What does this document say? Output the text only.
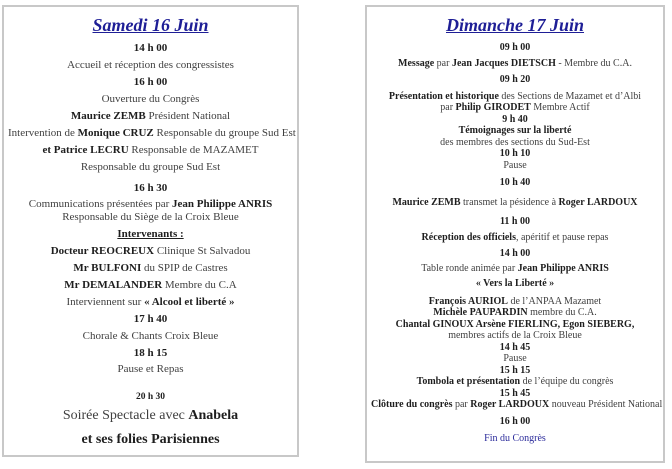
Samedi 16 Juin
14 h 00
Accueil et réception des congressistes
16 h 00
Ouverture du Congrès
Maurice ZEMB Président National
Intervention de Monique CRUZ Responsable du groupe Sud Est
et Patrice LECRU Responsable de MAZAMET
Responsable du groupe Sud Est
16 h 30
Communications présentées par Jean Philippe ANRIS
Responsable du Siège de la Croix Bleue
Intervenants :
Docteur REOCREUX Clinique St Salvadou
Mr BULFONI du SPIP de Castres
Mr DEMALANDER Membre du C.A
Interviennent sur « Alcool et liberté »
17 h 40
Chorale & Chants Croix Bleue
18 h 15
Pause et Repas
20 h 30
Soirée Spectacle avec Anabela
et ses folies Parisiennes
Dimanche 17 Juin
09 h 00
Message par Jean Jacques DIETSCH - Membre du C.A.
09 h 20
Présentation et historique des Sections de Mazamet et d’Albi
par Philip GIRODET Membre Actif
9 h 40
Témoignages sur la liberté
des membres des sections du Sud-Est
10 h 10
Pause
10 h 40
Maurice ZEMB transmet la pésidence à Roger LARDOUX
11 h 00
Réception des officiels, apéritif et pause repas
14 h 00
Table ronde animée par Jean Philippe ANRIS
« Vers la Liberté »
François AURIOL de l’ANPAA Mazamet
Michèle PAUPARDIN membre du C.A.
Chantal GINOUX Arsène FIERLING, Egon SIEBERG,
membres actifs de la Croix Bleue
14 h 45
Pause
15 h 15
Tombola et présentation de l’équipe du congrès
15 h 45
Clôture du congrès par Roger LARDOUX nouveau Président National
16 h 00
Fin du Congrès
